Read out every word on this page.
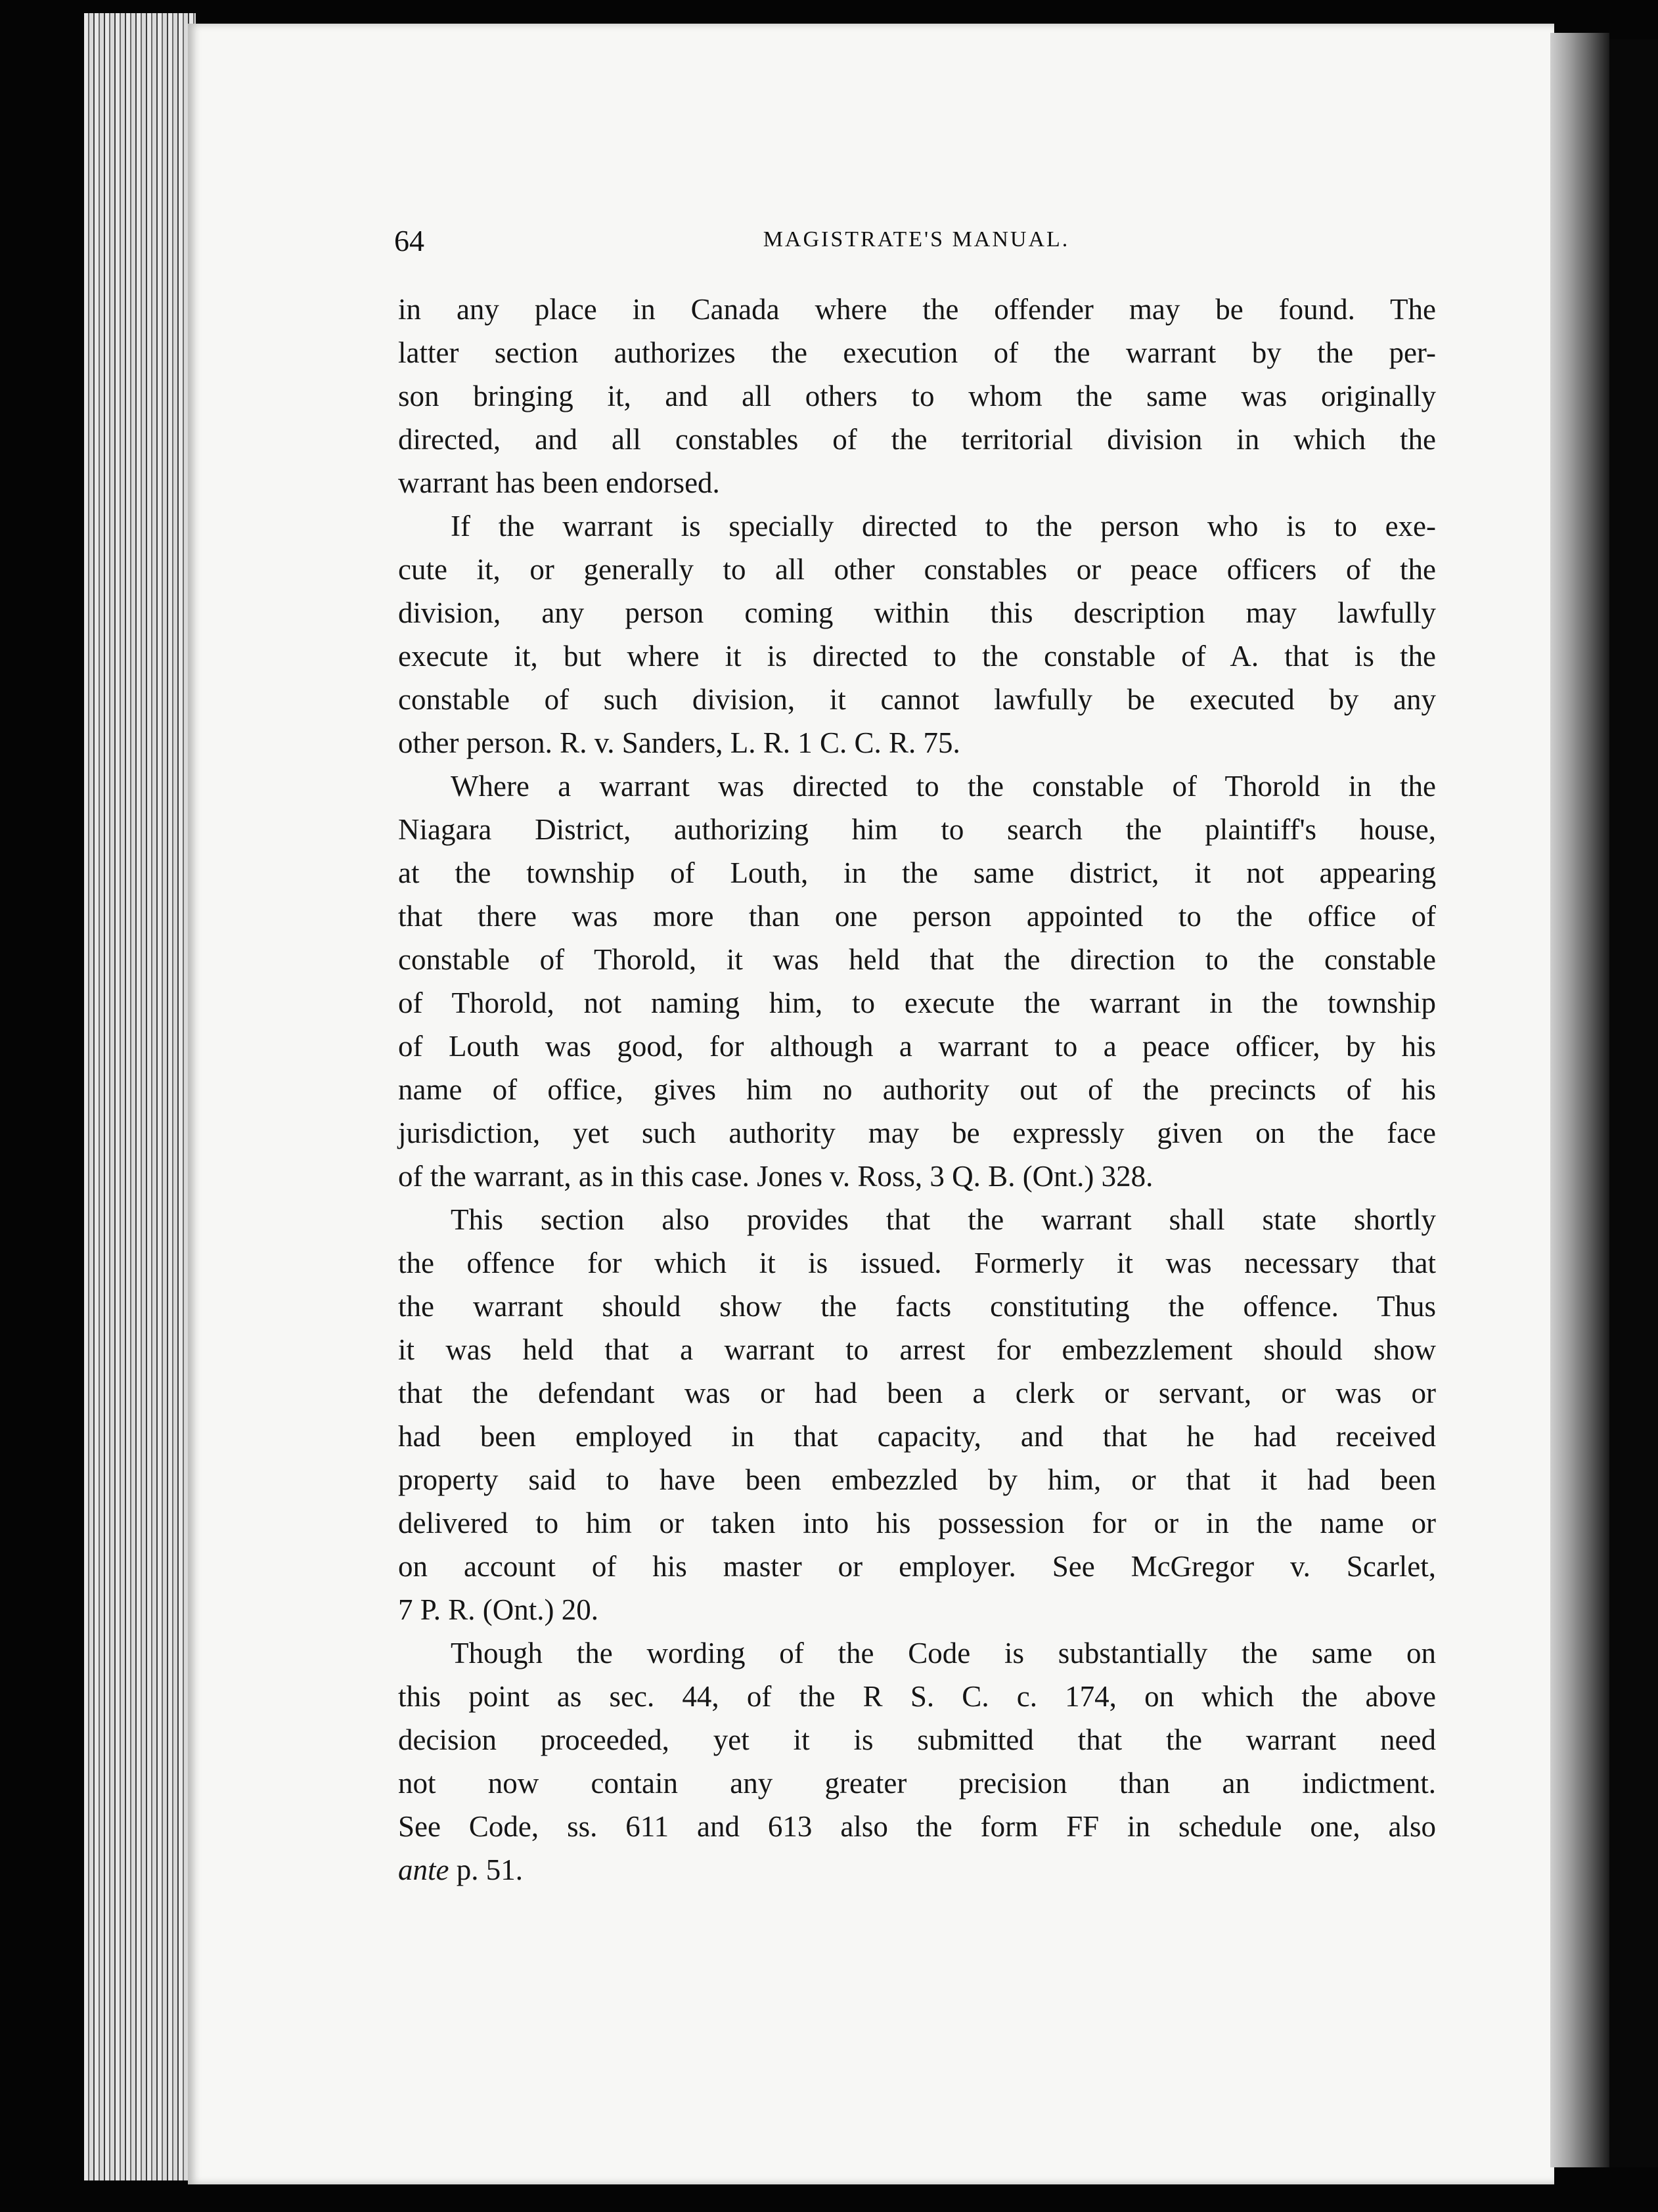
64	MAGISTRATE'S MANUAL.
in any place in Canada where the offender may be found. The
latter section authorizes the execution of the warrant by the per-
son bringing it, and all others to whom the same was originally
directed, and all constables of the territorial division in which the
warrant has been endorsed.
If the warrant is specially directed to the person who is to exe-
cute it, or generally to all other constables or peace officers of the
division, any person coming within this description may lawfully
execute it, but where it is directed to the constable of A. that is the
constable of such division, it cannot lawfully be executed by any
other person. R. v. Sanders, L. R. 1 C. C. R. 75.
Where a warrant was directed to the constable of Thorold in the
Niagara District, authorizing him to search the plaintiff's house,
at the township of Louth, in the same district, it not appearing
that there was more than one person appointed to the office of
constable of Thorold, it was held that the direction to the constable
of Thorold, not naming him, to execute the warrant in the township
of Louth was good, for although a warrant to a peace officer, by his
name of office, gives him no authority out of the precincts of his
jurisdiction, yet such authority may be expressly given on the face
of the warrant, as in this case. Jones v. Ross, 3 Q. B. (Ont.) 328.
This section also provides that the warrant shall state shortly
the offence for which it is issued. Formerly it was necessary that
the warrant should show the facts constituting the offence. Thus
it was held that a warrant to arrest for embezzlement should show
that the defendant was or had been a clerk or servant, or was or
had been employed in that capacity, and that he had received
property said to have been embezzled by him, or that it had been
delivered to him or taken into his possession for or in the name or
on account of his master or employer. See McGregor v. Scarlet,
7 P. R. (Ont.) 20.
Though the wording of the Code is substantially the same on
this point as sec. 44, of the R S. C. c. 174, on which the above
decision proceeded, yet it is submitted that the warrant need
not now contain any greater precision than an indictment.
See Code, ss. 611 and 613 also the form FF in schedule one, also
ante p. 51.
